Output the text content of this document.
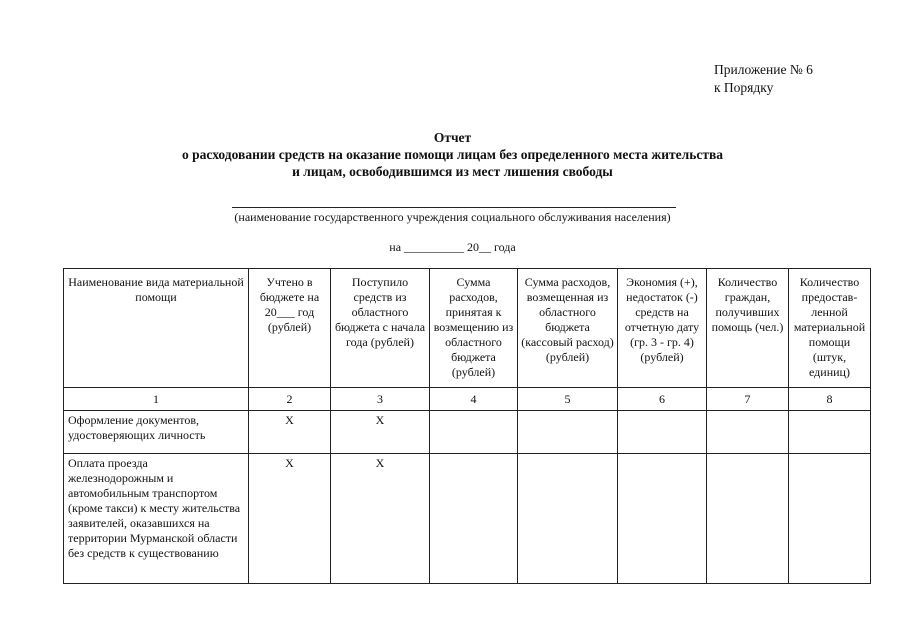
Приложение № 6
к Порядку
Отчет
о расходовании средств на оказание помощи лицам без определенного места жительства
и лицам, освободившимся из мест лишения свободы
(наименование государственного учреждения социального обслуживания населения)
на __________ 20__ года
Наименование вида материальной помощи	Учтено в бюджете на 20___ год (рублей)	Поступило средств из областного бюджета с начала года (рублей)	Сумма расходов, принятая к возмещению из областного бюджета (рублей)	Сумма расходов, возмещенная из областного бюджета (кассовый расход) (рублей)	Экономия (+), недостаток (-) средств на отчетную дату (гр. 3 - гр. 4) (рублей)	Количество граждан, получивших помощь (чел.)	Количество предостав-ленной материальной помощи (штук, единиц)
1	2	3	4	5	6	7	8
Оформление документов, удостоверяющих личность	Х	Х					
Оплата проезда железнодорожным и автомобильным транспортом (кроме такси) к месту жительства заявителей, оказавшихся на территории Мурманской области без средств к существованию	Х	Х					
